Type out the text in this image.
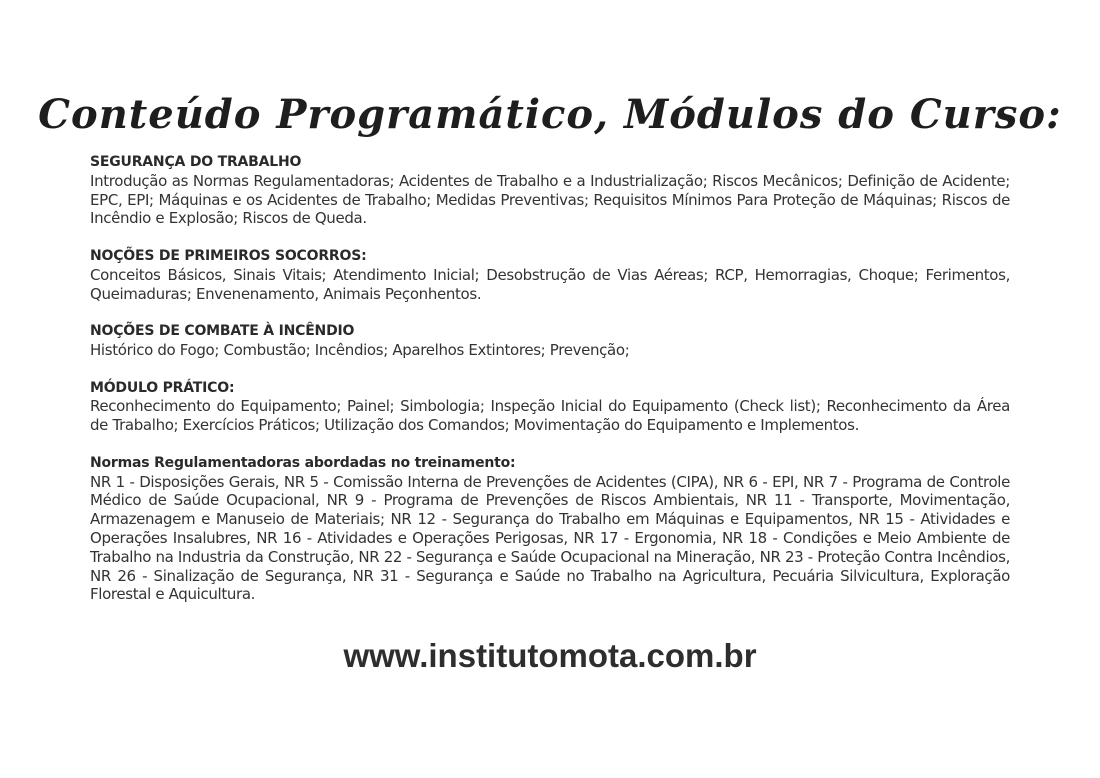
Conteúdo Programático, Módulos do Curso:
SEGURANÇA DO TRABALHO
Introdução as Normas Regulamentadoras; Acidentes de Trabalho e a Industrialização; Riscos Mecânicos; Definição de Acidente; EPC, EPI; Máquinas e os Acidentes de Trabalho; Medidas Preventivas; Requisitos Mínimos Para Proteção de Máquinas; Riscos de Incêndio e Explosão; Riscos de Queda.
NOÇÕES DE PRIMEIROS SOCORROS:
Conceitos Básicos, Sinais Vitais; Atendimento Inicial; Desobstrução de Vias Aéreas; RCP, Hemorragias, Choque; Ferimentos, Queimaduras; Envenenamento, Animais Peçonhentos.
NOÇÕES DE COMBATE À INCÊNDIO
Histórico do Fogo; Combustão; Incêndios; Aparelhos Extintores; Prevenção;
MÓDULO PRÁTICO:
Reconhecimento do Equipamento; Painel; Simbologia; Inspeção Inicial do Equipamento (Check list); Reconhecimento da Área de Trabalho; Exercícios Práticos; Utilização dos Comandos; Movimentação do Equipamento e Implementos.
Normas Regulamentadoras abordadas no treinamento:
NR 1 - Disposições Gerais, NR 5 - Comissão Interna de Prevenções de Acidentes (CIPA), NR 6 - EPI, NR 7 - Programa de Controle Médico de Saúde Ocupacional, NR 9 - Programa de Prevenções de Riscos Ambientais, NR 11 - Transporte, Movimentação, Armazenagem e Manuseio de Materiais; NR 12 - Segurança do Trabalho em Máquinas e Equipamentos, NR 15 - Atividades e Operações Insalubres, NR 16 - Atividades e Operações Perigosas, NR 17 - Ergonomia, NR 18 - Condições e Meio Ambiente de Trabalho na Industria da Construção, NR 22 - Segurança e Saúde Ocupacional na Mineração, NR 23 - Proteção Contra Incêndios, NR 26 - Sinalização de Segurança, NR 31 - Segurança e Saúde no Trabalho na Agricultura, Pecuária Silvicultura, Exploração Florestal e Aquicultura.
www.institutomota.com.br
